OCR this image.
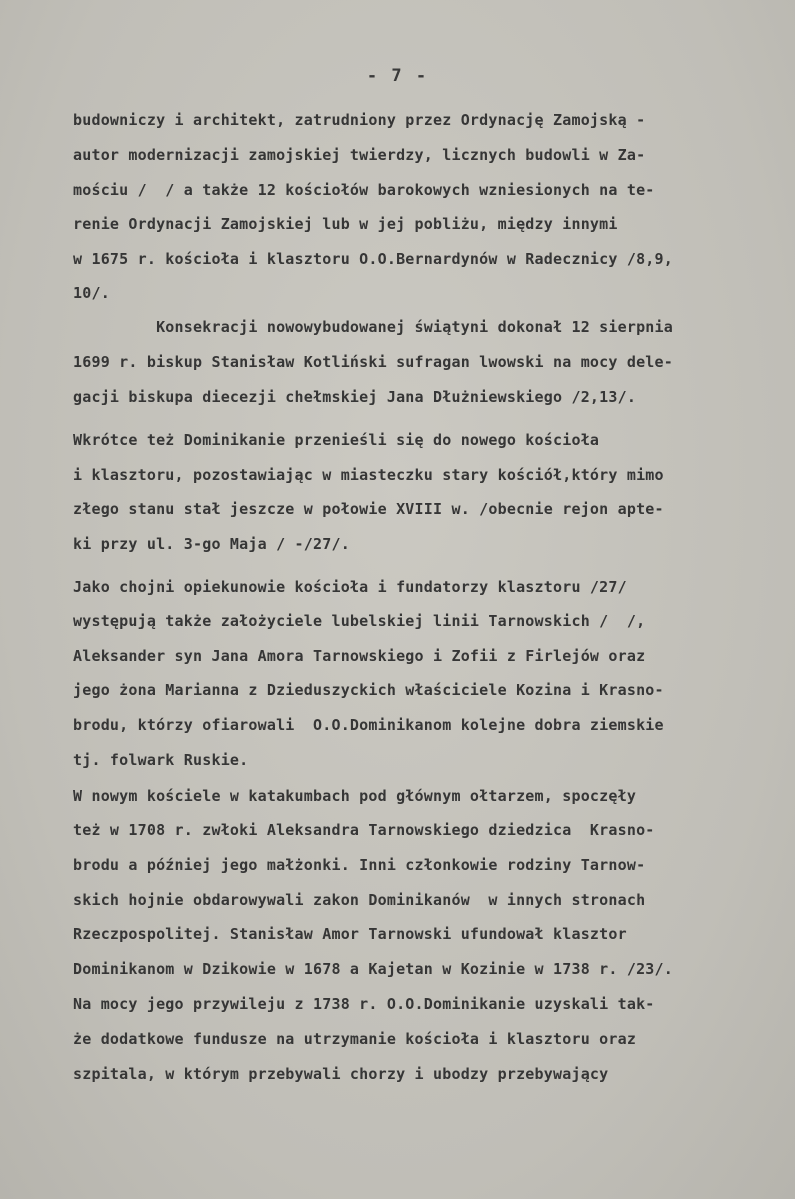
- 7 -
budowniczy i architekt, zatrudniony przez Ordynację Zamojską -
autor modernizacji zamojskiej twierdzy, licznych budowli w Za-
mościu /  / a także 12 kościołów barokowych wzniesionych na te-
renie Ordynacji Zamojskiej lub w jej pobliżu, między innymi
w 1675 r. kościoła i klasztoru O.O.Bernardynów w Radecznicy /8,9,
10/.
Konsekracji nowowybudowanej świątyni dokonał 12 sierpnia
1699 r. biskup Stanisław Kotliński sufragan lwowski na mocy dele-
gacji biskupa diecezji chełmskiej Jana Dłużniewskiego /2,13/.
Wkrótce też Dominikanie przenieśli się do nowego kościoła
i klasztoru, pozostawiając w miasteczku stary kościół,który mimo
złego stanu stał jeszcze w połowie XVIII w. /obecnie rejon apte-
ki przy ul. 3-go Maja / -/27/.
Jako chojni opiekunowie kościoła i fundatorzy klasztoru /27/
występują także założyciele lubelskiej linii Tarnowskich /  /,
Aleksander syn Jana Amora Tarnowskiego i Zofii z Firlejów oraz
jego żona Marianna z Dzieduszyckich właściciele Kozina i Krasno-
brodu, którzy ofiarowali  O.O.Dominikanom kolejne dobra ziemskie
tj. folwark Ruskie.
W nowym kościele w katakumbach pod głównym ołtarzem, spoczęły
też w 1708 r. zwłoki Aleksandra Tarnowskiego dziedzica  Krasno-
brodu a później jego małżonki. Inni członkowie rodziny Tarnow-
skich hojnie obdarowywali zakon Dominikanów  w innych stronach
Rzeczpospolitej. Stanisław Amor Tarnowski ufundował klasztor
Dominikanom w Dzikowie w 1678 a Kajetan w Kozinie w 1738 r. /23/.
Na mocy jego przywileju z 1738 r. O.O.Dominikanie uzyskali tak-
że dodatkowe fundusze na utrzymanie kościoła i klasztoru oraz
szpitala, w którym przebywali chorzy i ubodzy przebywający
